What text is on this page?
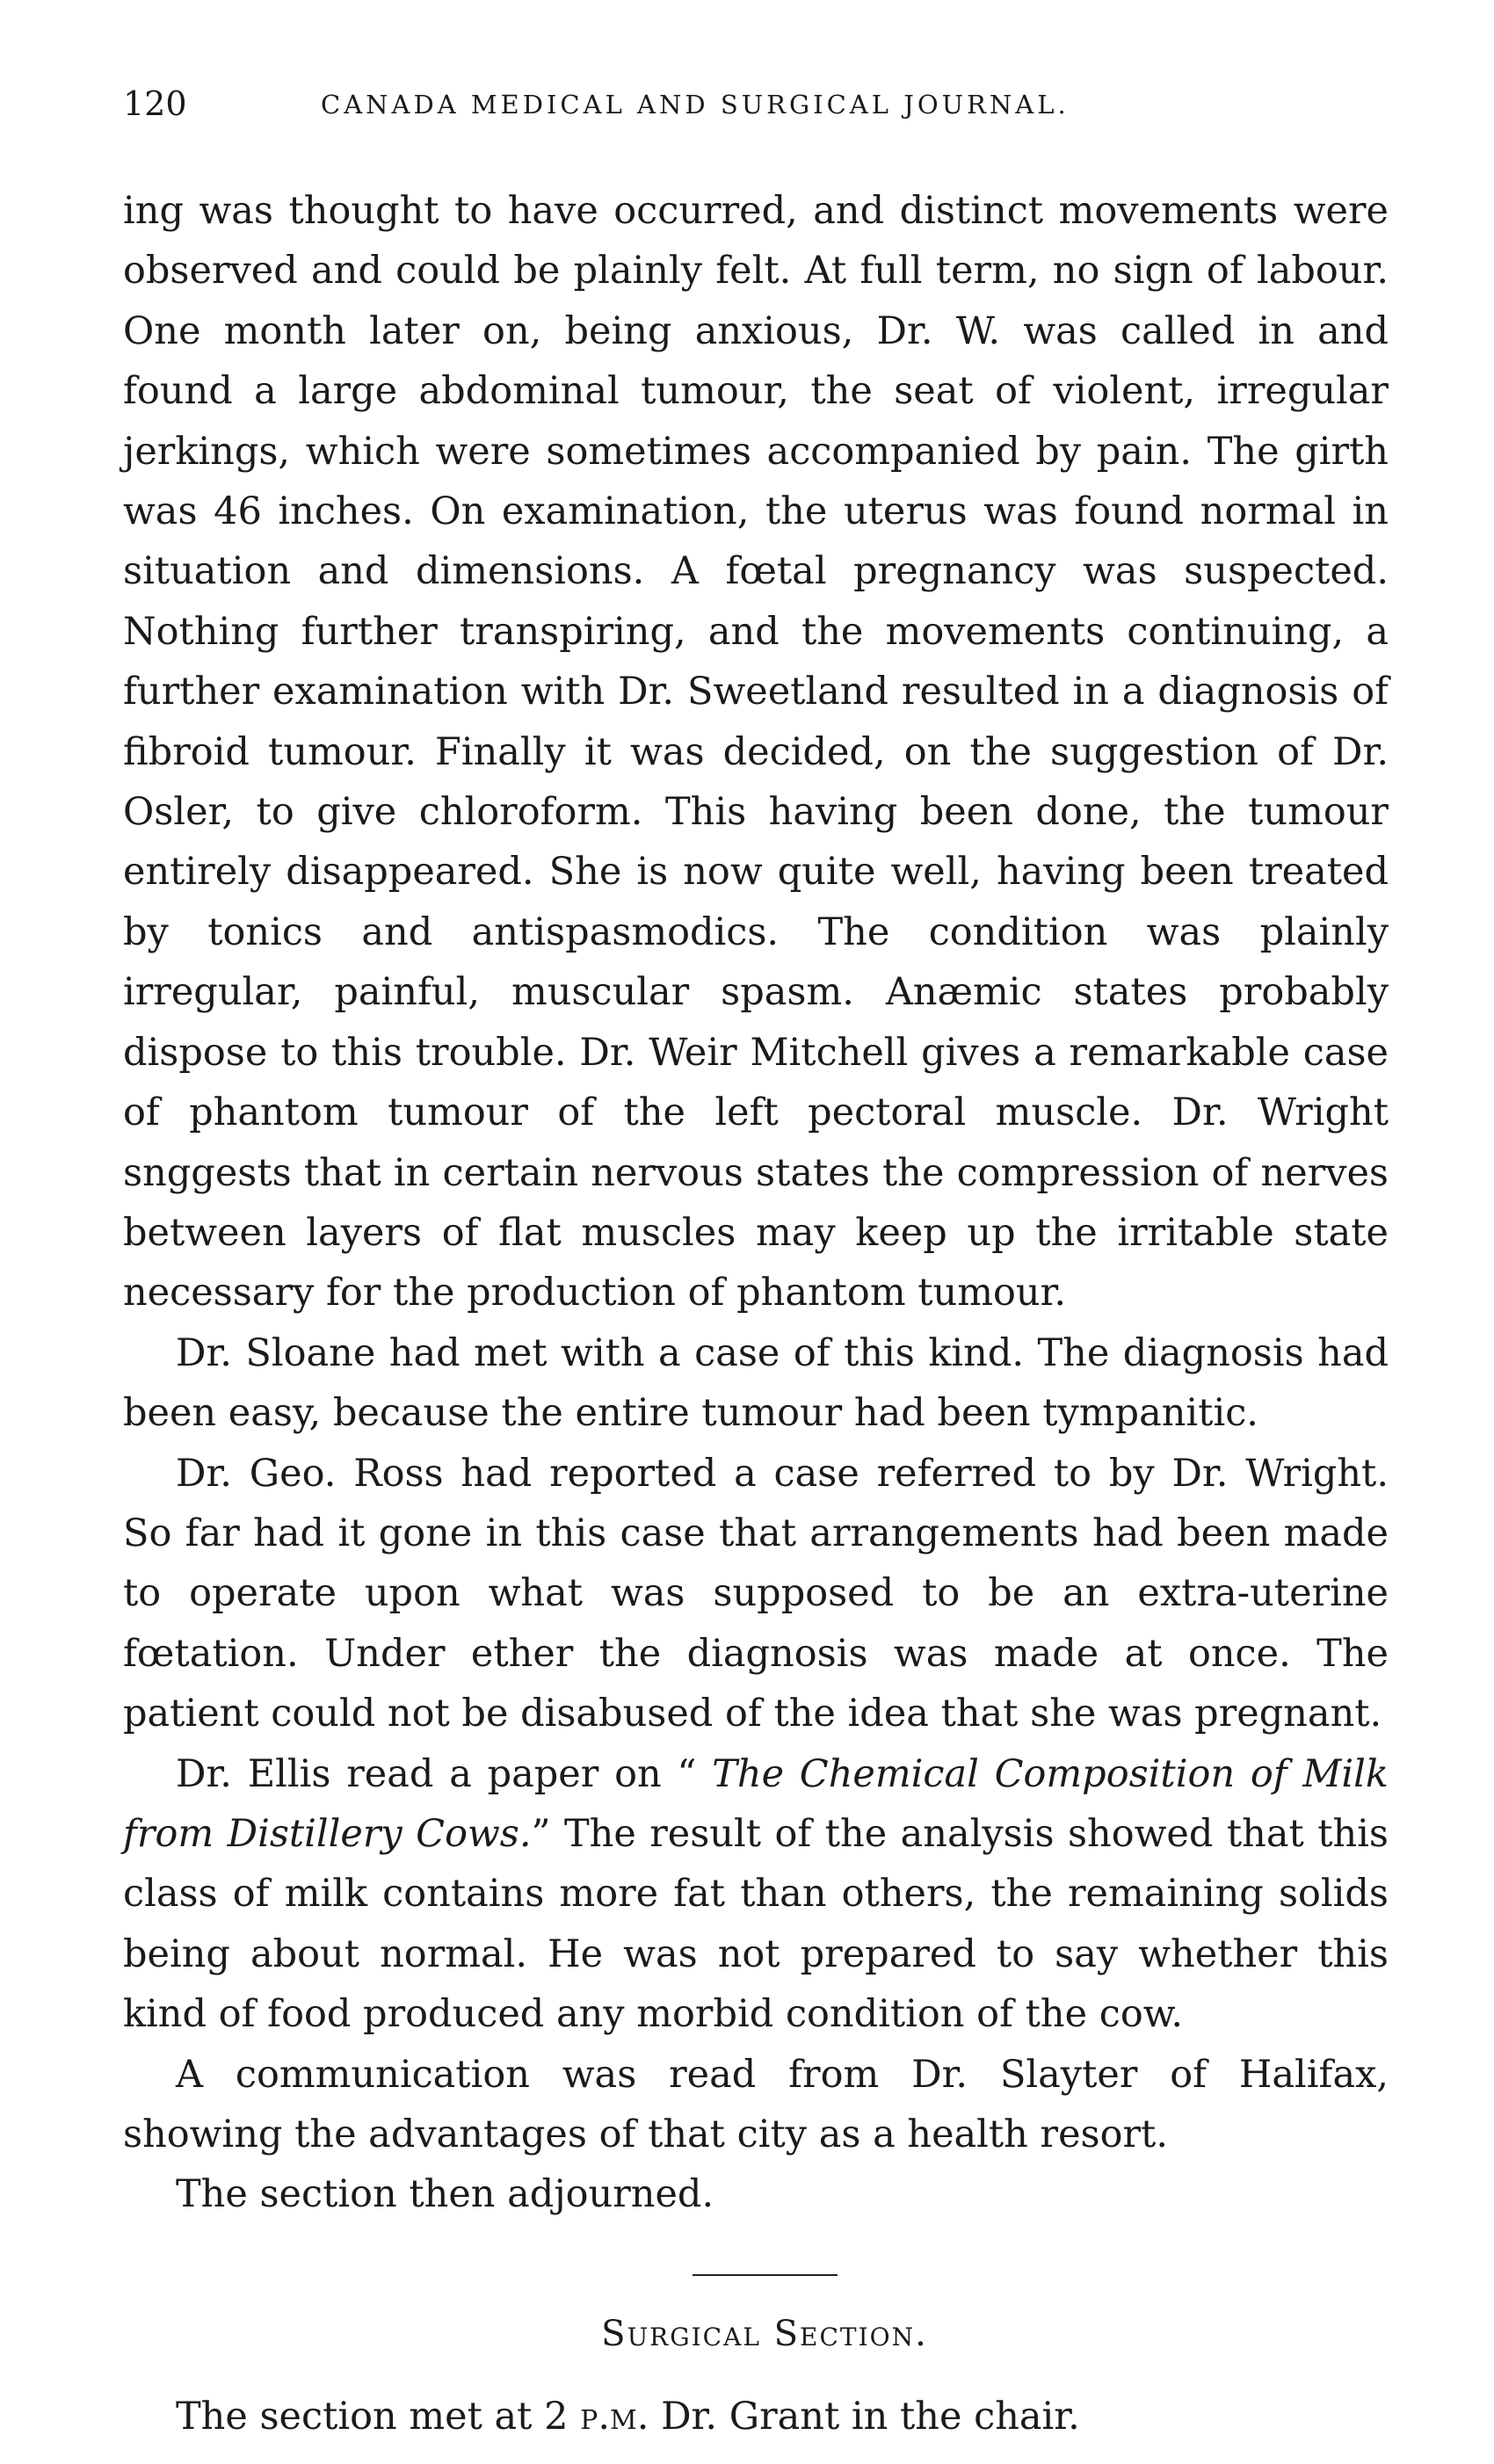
120	CANADA MEDICAL AND SURGICAL JOURNAL.

ing was thought to have occurred, and distinct movements were observed and could be plainly felt. At full term, no sign of labour. One month later on, being anxious, Dr. W. was called in and found a large abdominal tumour, the seat of violent, irregular jerkings, which were sometimes accompanied by pain. The girth was 46 inches. On examination, the uterus was found normal in situation and dimensions. A fœtal pregnancy was suspected. Nothing further transpiring, and the movements continuing, a further examination with Dr. Sweetland resulted in a diagnosis of fibroid tumour. Finally it was decided, on the suggestion of Dr. Osler, to give chloroform. This having been done, the tumour entirely disappeared. She is now quite well, having been treated by tonics and antispasmodics. The condition was plainly irregular, painful, muscular spasm. Anæmic states probably dispose to this trouble. Dr. Weir Mitchell gives a remarkable case of phantom tumour of the left pectoral muscle. Dr. Wright snggests that in certain nervous states the compression of nerves between layers of flat muscles may keep up the irritable state necessary for the production of phantom tumour.

Dr. Sloane had met with a case of this kind. The diagnosis had been easy, because the entire tumour had been tympanitic.

Dr. Geo. Ross had reported a case referred to by Dr. Wright. So far had it gone in this case that arrangements had been made to operate upon what was supposed to be an extra-uterine fœtation. Under ether the diagnosis was made at once. The patient could not be disabused of the idea that she was pregnant.

Dr. Ellis read a paper on “ The Chemical Composition of Milk from Distillery Cows.” The result of the analysis showed that this class of milk contains more fat than others, the remaining solids being about normal. He was not prepared to say whether this kind of food produced any morbid condition of the cow.

A communication was read from Dr. Slayter of Halifax, showing the advantages of that city as a health resort.

The section then adjourned.

Surgical Section.

The section met at 2 p.m. Dr. Grant in the chair.
